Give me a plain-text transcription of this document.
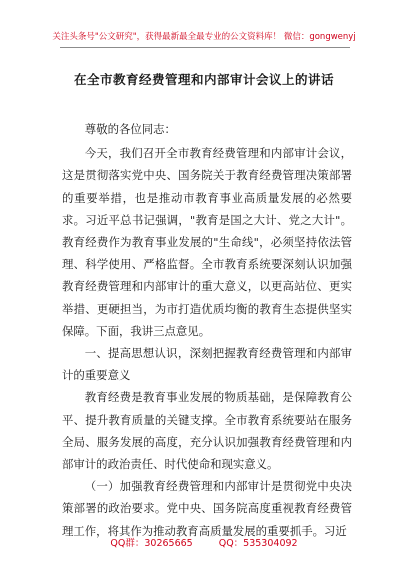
关注头条号"公文研究"，获得最新最全最专业的公文资料库！ 微信：gongwenyj
在全市教育经费管理和内部审计会议上的讲话

尊敬的各位同志：

今天，我们召开全市教育经费管理和内部审计会议，这是贯彻落实党中央、国务院关于教育经费管理决策部署的重要举措，也是推动市教育事业高质量发展的必然要求。习近平总书记强调，"教育是国之大计、党之大计"。教育经费作为教育事业发展的"生命线"，必须坚持依法管理、科学使用、严格监督。全市教育系统要深刻认识加强教育经费管理和内部审计的重大意义，以更高站位、更实举措、更硬担当，为市打造优质均衡的教育生态提供坚实保障。下面，我讲三点意见。

一、提高思想认识，深刻把握教育经费管理和内部审计的重要意义

教育经费是教育事业发展的物质基础，是保障教育公平、提升教育质量的关键支撑。全市教育系统要站在服务全局、服务发展的高度，充分认识加强教育经费管理和内部审计的政治责任、时代使命和现实意义。

（一）加强教育经费管理和内部审计是贯彻党中央决策部署的政治要求。党中央、国务院高度重视教育经费管理工作，将其作为推动教育高质量发展的重要抓手。习近

QQ群：30265665	QQ：535304092
